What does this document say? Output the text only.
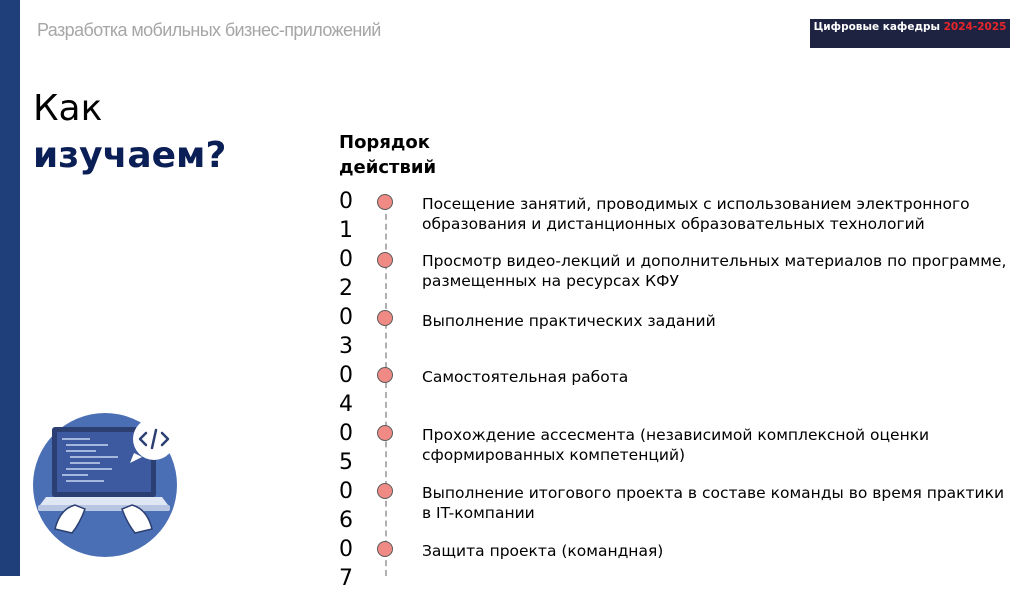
Разработка мобильных бизнес-приложений	Цифровые кафедры 2024-2025
Как
изучаем?	Порядок действий
01
Посещение занятий, проводимых с использованием электронного образования и дистанционных образовательных технологий
02
Просмотр видео-лекций и дополнительных материалов по программе, размещенных на ресурсах КФУ
03
Выполнение практических заданий
04
Самостоятельная работа
05
Прохождение ассесмента (независимой комплексной оценки сформированных компетенций)
06
Выполнение итогового проекта в составе команды во время практики в IT-компании
07
Защита проекта (командная)
